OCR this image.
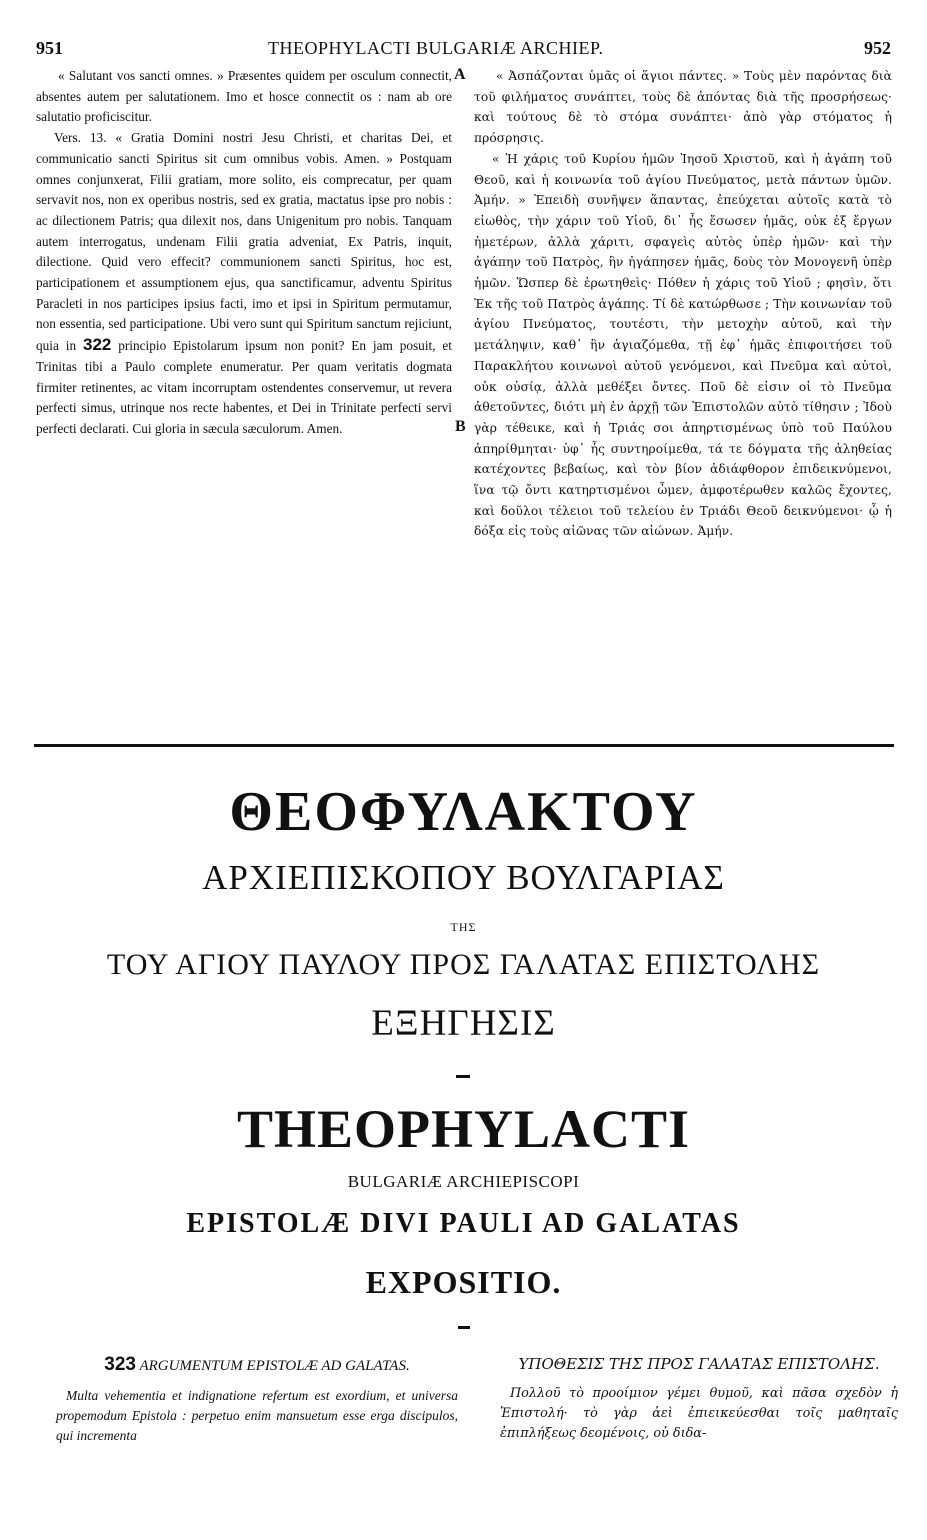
951	THEOPHYLACTI BULGARIÆ ARCHIEP.	952
A
B

« Salutant vos sancti omnes. » Præsentes quidem per osculum connectit, absentes autem per salutationem. Imo et hosce connectit os : nam ab ore salutatio proficiscitur.

Vers. 13. « Gratia Domini nostri Jesu Christi, et charitas Dei, et communicatio sancti Spiritus sit cum omnibus vobis. Amen. » Postquam omnes conjunxerat, Filii gratiam, more solito, eis comprecatur, per quam servavit nos, non ex operibus nostris, sed ex gratia, mactatus ipse pro nobis : ac dilectionem Patris; qua dilexit nos, dans Unigenitum pro nobis. Tanquam autem interrogatus, undenam Filii gratia adveniat, Ex Patris, inquit, dilectione. Quid vero effecit? communionem sancti Spiritus, hoc est, participationem et assumptionem ejus, qua sanctificamur, adventu Spiritus Paracleti in nos participes ipsius facti, imo et ipsi in Spiritum permutamur, non essentia, sed participatione. Ubi vero sunt qui Spiritum sanctum rejiciunt, quia in 322 principio Epistolarum ipsum non ponit? En jam posuit, et Trinitas tibi a Paulo complete enumeratur. Per quam veritatis dogmata firmiter retinentes, ac vitam incorruptam ostendentes conservemur, ut revera perfecti simus, utrinque nos recte habentes, et Dei in Trinitate perfecti servi perfecti declarati. Cui gloria in sæcula sæculorum. Amen.

« Ἀσπάζονται ὑμᾶς οἱ ἅγιοι πάντες. » Τοὺς μὲν παρόντας διὰ τοῦ φιλήματος συνάπτει, τοὺς δὲ ἀπόντας διὰ τῆς προσρήσεως· καὶ τούτους δὲ τὸ στόμα συνάπτει· ἀπὸ γὰρ στόματος ἡ πρόσρησις.

« Ἡ χάρις τοῦ Κυρίου ἡμῶν Ἰησοῦ Χριστοῦ, καὶ ἡ ἀγάπη τοῦ Θεοῦ, καὶ ἡ κοινωνία τοῦ ἁγίου Πνεύματος, μετὰ πάντων ὑμῶν. Ἀμήν. » Ἐπειδὴ συνῆψεν ἅπαντας, ἐπεύχεται αὐτοῖς κατὰ τὸ εἰωθὸς, τὴν χάριν τοῦ Υἱοῦ, δι᾿ ἧς ἔσωσεν ἡμᾶς, οὐκ ἐξ ἔργων ἡμετέρων, ἀλλὰ χάριτι, σφαγεὶς αὐτὸς ὑπὲρ ἡμῶν· καὶ τὴν ἀγάπην τοῦ Πατρὸς, ἣν ἠγάπησεν ἡμᾶς, δοὺς τὸν Μονογενῆ ὑπὲρ ἡμῶν. Ὥσπερ δὲ ἐρωτηθεὶς· Πόθεν ἡ χάρις τοῦ Υἱοῦ ; φησὶν, ὅτι Ἐκ τῆς τοῦ Πατρὸς ἀγάπης. Τί δὲ κατώρθωσε ; Τὴν κοινωνίαν τοῦ ἁγίου Πνεύματος, τουτέστι, τὴν μετοχὴν αὐτοῦ, καὶ τὴν μετάληψιν, καθ᾿ ἣν ἁγιαζόμεθα, τῇ ἐφ᾿ ἡμᾶς ἐπιφοιτήσει τοῦ Παρακλήτου κοινωνοὶ αὐτοῦ γενόμενοι, καὶ Πνεῦμα καὶ αὐτοὶ, οὐκ οὐσίᾳ, ἀλλὰ μεθέξει ὄντες. Ποῦ δὲ εἰσιν οἱ τὸ Πνεῦμα ἀθετοῦντες, διότι μὴ ἐν ἀρχῇ τῶν Ἐπιστολῶν αὐτὸ τίθησιν ; Ἰδοὺ γὰρ τέθεικε, καὶ ἡ Τριάς σοι ἀπηρτισμένως ὑπὸ τοῦ Παύλου ἀπηρίθμηται· ὑφ᾿ ἧς συντηρoίμεθα, τά τε δόγματα τῆς ἀληθείας κατέχοντες βεβαίως, καὶ τὸν βίον ἀδιάφθορον ἐπιδεικνύμενοι, ἵνα τῷ ὄντι κατηρτισμένοι ὦμεν, ἀμφοτέρωθεν καλῶς ἔχοντες, καὶ δοῦλοι τέλειοι τοῦ τελείου ἐν Τριάδι Θεοῦ δεικνύμενοι· ᾧ ἡ δόξα εἰς τοὺς αἰῶνας τῶν αἰώνων. Ἀμήν.

ΘΕΟΦΥΛΑΚΤΟΥ
ΑΡΧΙΕΠΙΣΚΟΠΟΥ ΒΟΥΛΓΑΡΙΑΣ
ΤΗΣ
ΤΟΥ ΑΓΙΟΥ ΠΑΥΛΟΥ ΠΡΟΣ ΓΑΛΑΤΑΣ ΕΠΙΣΤΟΛΗΣ
ΕΞΗΓΗΣΙΣ
THEOPHYLACTI
BULGARIÆ ARCHIEPISCOPI
EPISTOLÆ DIVI PAULI AD GALATAS
EXPOSITIO.
323 ARGUMENTUM EPISTOLÆ AD GALATAS.

Multa vehementia et indignatione refertum est exordium, et universa propemodum Epistola : perpetuo enim mansuetum esse erga discipulos, qui incrementa

ΥΠΟΘΕΣΙΣ ΤΗΣ ΠΡΟΣ ΓΑΛΑΤΑΣ ΕΠΙΣΤΟΛΗΣ.

Πολλοῦ τὸ προοίμιον γέμει θυμοῦ, καὶ πᾶσα σχεδὸν ἡ Ἐπιστολή· τὸ γὰρ ἀεὶ ἐπιεικεύεσθαι τοῖς μαθηταῖς ἐπιπλήξεως δεομένοις, οὐ διδα-
